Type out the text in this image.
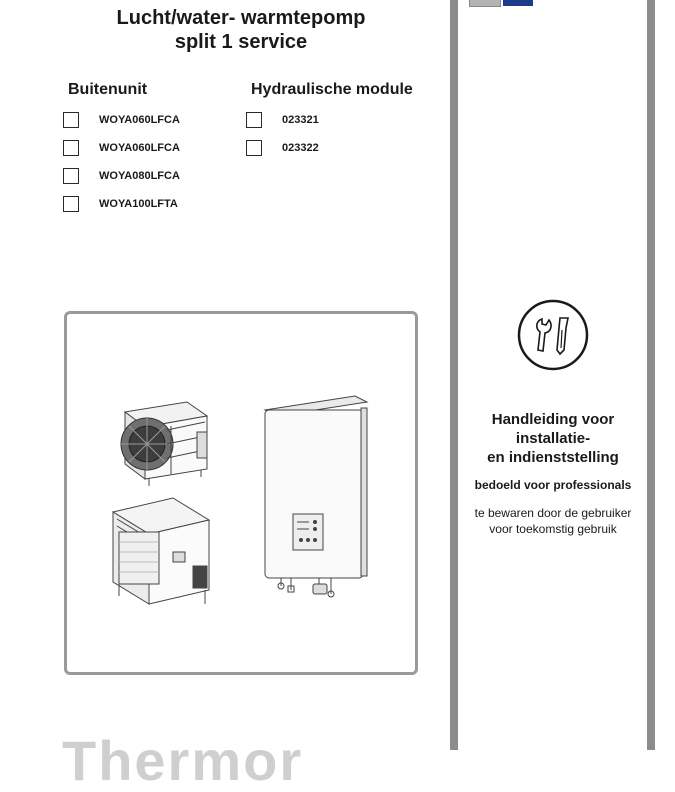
Lucht/water- warmtepomp
split 1 service
Buitenunit	Hydraulische module
WOYA060LFCA
WOYA060LFCA
WOYA080LFCA
WOYA100LFTA
023321
023322
Thermor
Handleiding voor
installatie-
en indienststelling
bedoeld voor professionals
te bewaren door de gebruiker
voor toekomstig gebruik
